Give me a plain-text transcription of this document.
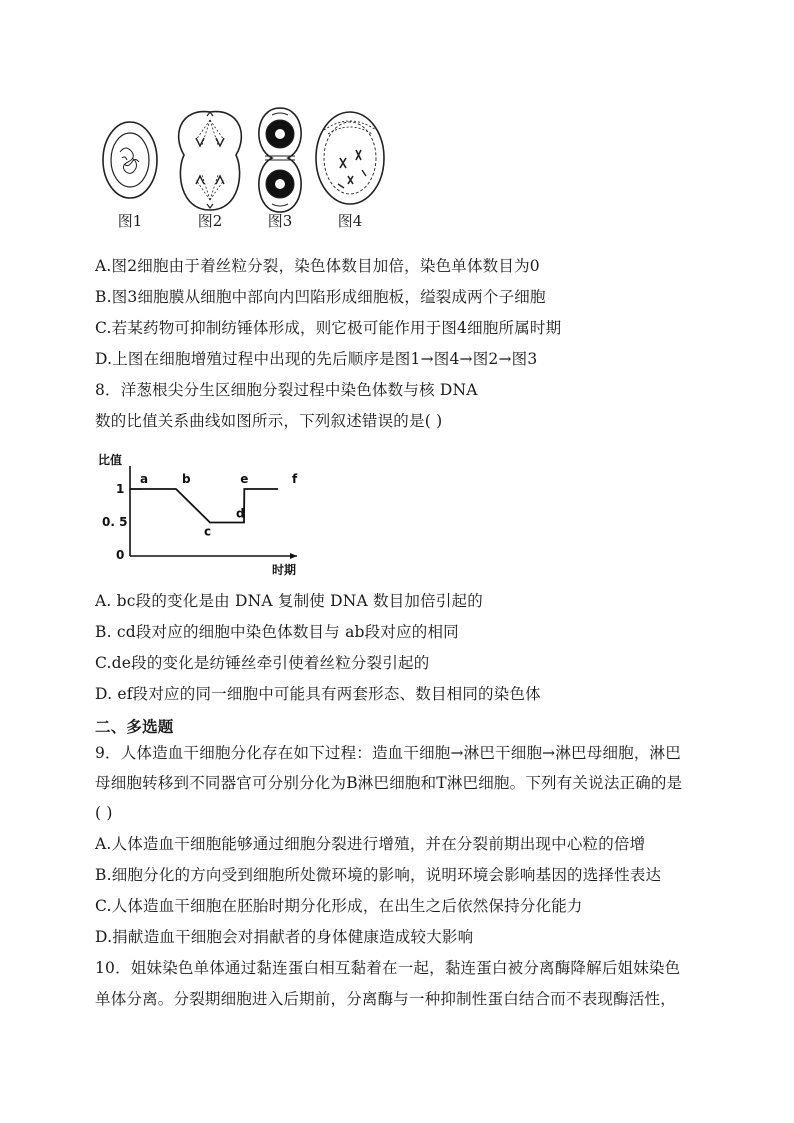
图1	图2	图3	图4
A.图2细胞由于着丝粒分裂，染色体数目加倍，染色单体数目为0
B.图3细胞膜从细胞中部向内凹陷形成细胞板，缢裂成两个子细胞
C.若某药物可抑制纺锤体形成，则它极可能作用于图4细胞所属时期
D.上图在细胞增殖过程中出现的先后顺序是图1→图4→图2→图3
8．洋葱根尖分生区细胞分裂过程中染色体数与核 DNA
数的比值关系曲线如图所示，下列叙述错误的是( )
比值
时期
1
0. 5
0
a	b
c
d
e	f
A. bc段的变化是由 DNA 复制使 DNA 数目加倍引起的
B. cd段对应的细胞中染色体数目与 ab段对应的相同
C.de段的变化是纺锤丝牵引使着丝粒分裂引起的
D. ef段对应的同一细胞中可能具有两套形态、数目相同的染色体
二、多选题
9．人体造血干细胞分化存在如下过程：造血干细胞→淋巴干细胞→淋巴母细胞，淋巴
母细胞转移到不同器官可分别分化为B淋巴细胞和T淋巴细胞。下列有关说法正确的是
( )
A.人体造血干细胞能够通过细胞分裂进行增殖，并在分裂前期出现中心粒的倍增
B.细胞分化的方向受到细胞所处微环境的影响，说明环境会影响基因的选择性表达
C.人体造血干细胞在胚胎时期分化形成，在出生之后依然保持分化能力
D.捐献造血干细胞会对捐献者的身体健康造成较大影响
10．姐妹染色单体通过黏连蛋白相互黏着在一起，黏连蛋白被分离酶降解后姐妹染色
单体分离。分裂期细胞进入后期前，分离酶与一种抑制性蛋白结合而不表现酶活性，
